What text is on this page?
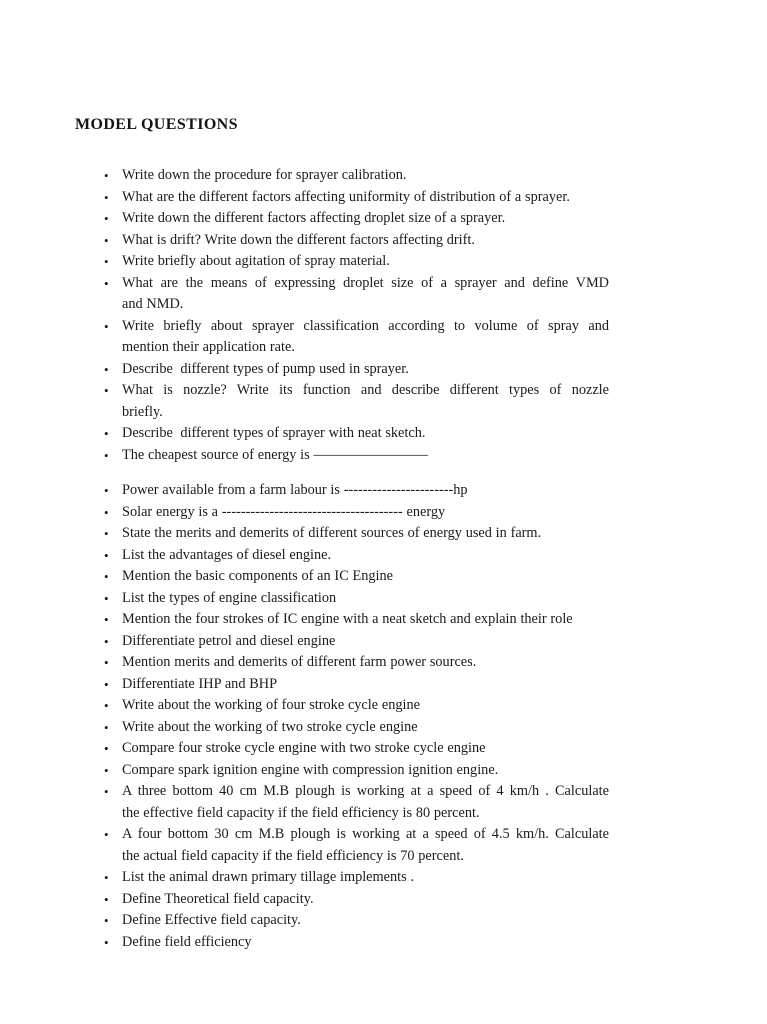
MODEL QUESTIONS
• Write down the procedure for sprayer calibration.
• What are the different factors affecting uniformity of distribution of a sprayer.
• Write down the different factors affecting droplet size of a sprayer.
• What is drift? Write down the different factors affecting drift.
• Write briefly about agitation of spray material.
• What are the means of expressing droplet size of a sprayer and define VMD
and NMD.
• Write briefly about sprayer classification according to volume of spray and
mention their application rate.
• Describe  different types of pump used in sprayer.
• What is nozzle? Write its function and describe different types of nozzle
briefly.
• Describe  different types of sprayer with neat sketch.
• The cheapest source of energy is ––––––––––––––––
• Power available from a farm labour is -----------------------hp
• Solar energy is a -------------------------------------- energy
• State the merits and demerits of different sources of energy used in farm.
• List the advantages of diesel engine.
• Mention the basic components of an IC Engine
• List the types of engine classification
• Mention the four strokes of IC engine with a neat sketch and explain their role
• Differentiate petrol and diesel engine
• Mention merits and demerits of different farm power sources.
• Differentiate IHP and BHP
• Write about the working of four stroke cycle engine
• Write about the working of two stroke cycle engine
• Compare four stroke cycle engine with two stroke cycle engine
• Compare spark ignition engine with compression ignition engine.
• A three bottom 40 cm M.B plough is working at a speed of 4 km/h . Calculate
the effective field capacity if the field efficiency is 80 percent.
• A four bottom 30 cm M.B plough is working at a speed of 4.5 km/h. Calculate
the actual field capacity if the field efficiency is 70 percent.
• List the animal drawn primary tillage implements .
• Define Theoretical field capacity.
• Define Effective field capacity.
• Define field efficiency
